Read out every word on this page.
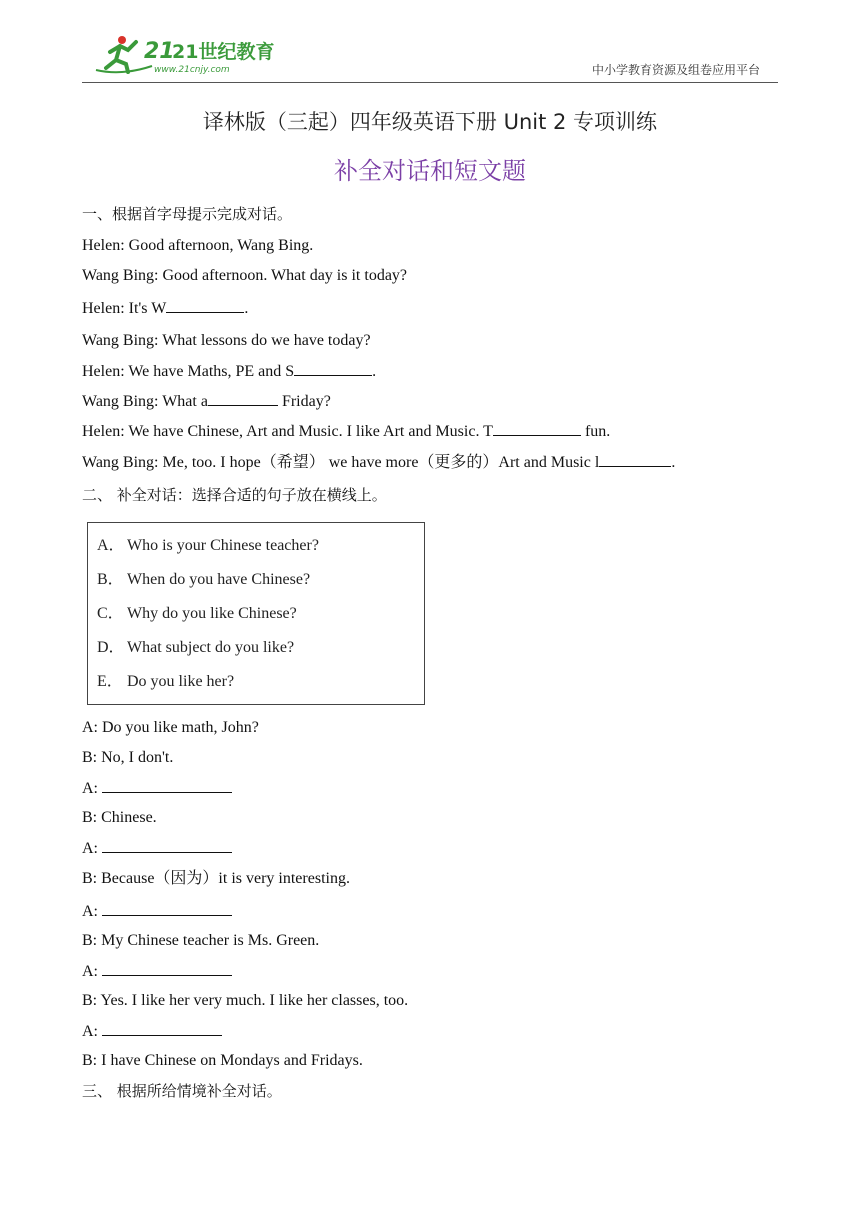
21
21世纪教育
www.21cnjy.com	中小学教育资源及组卷应用平台
译林版（三起）四年级英语下册 Unit 2 专项训练
补全对话和短文题
一、根据首字母提示完成对话。
Helen: Good afternoon, Wang Bing.
Wang Bing: Good afternoon. What day is it today?
Helen: It's W	.
Wang Bing: What lessons do we have today?
Helen: We have Maths, PE and S	.
Wang Bing: What a	Friday?
Helen: We have Chinese, Art and Music. I like Art and Music. T	fun.
Wang Bing: Me, too. I hope（希望） we have more（更多的）Art and Music l	.
二、 补全对话：选择合适的句子放在横线上。
A． Who is your Chinese teacher?
B． When do you have Chinese?
C． Why do you like Chinese?
D． What subject do you like?
E． Do you like her?
A: Do you like math, John?
B: No, I don't.
A:
B: Chinese.
A:
B: Because（因为）it is very interesting.
A:
B: My Chinese teacher is Ms. Green.
A:
B: Yes. I like her very much. I like her classes, too.
A:
B: I have Chinese on Mondays and Fridays.
三、 根据所给情境补全对话。
